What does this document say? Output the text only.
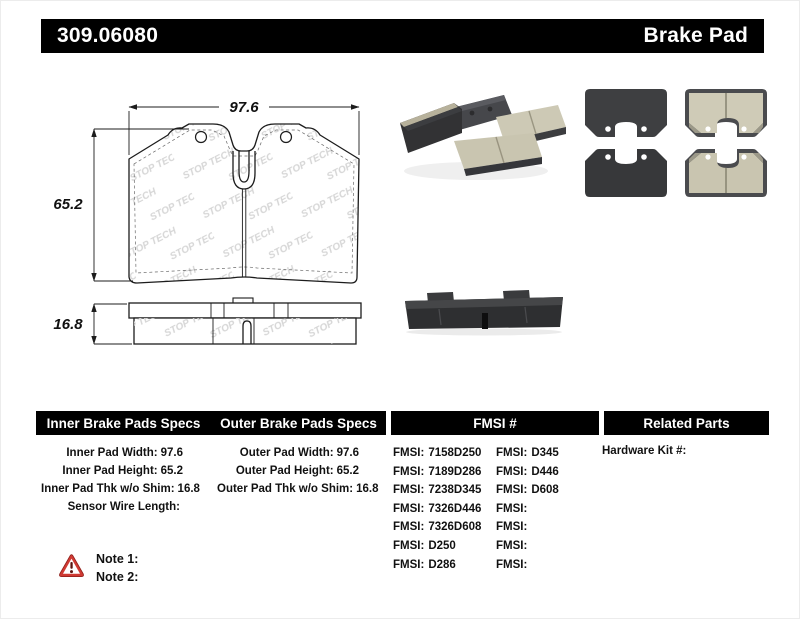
309.06080	Brake Pad
97.6
65.2
16.8
Inner Brake Pads Specs	Outer Brake Pads Specs	FMSI #	Related Parts
Inner Pad Width: 97.6
Inner Pad Height: 65.2
Inner Pad Thk w/o Shim: 16.8
Sensor Wire Length:
Outer Pad Width: 97.6
Outer Pad Height: 65.2
Outer Pad Thk w/o Shim: 16.8
FMSI: 7158D250	FMSI: D345
FMSI: 7189D286	FMSI: D446
FMSI: 7238D345	FMSI: D608
FMSI: 7326D446	FMSI:
FMSI: 7326D608	FMSI:
FMSI: D250	FMSI:
FMSI: D286	FMSI:
Hardware Kit #:
Note 1:
Note 2:
